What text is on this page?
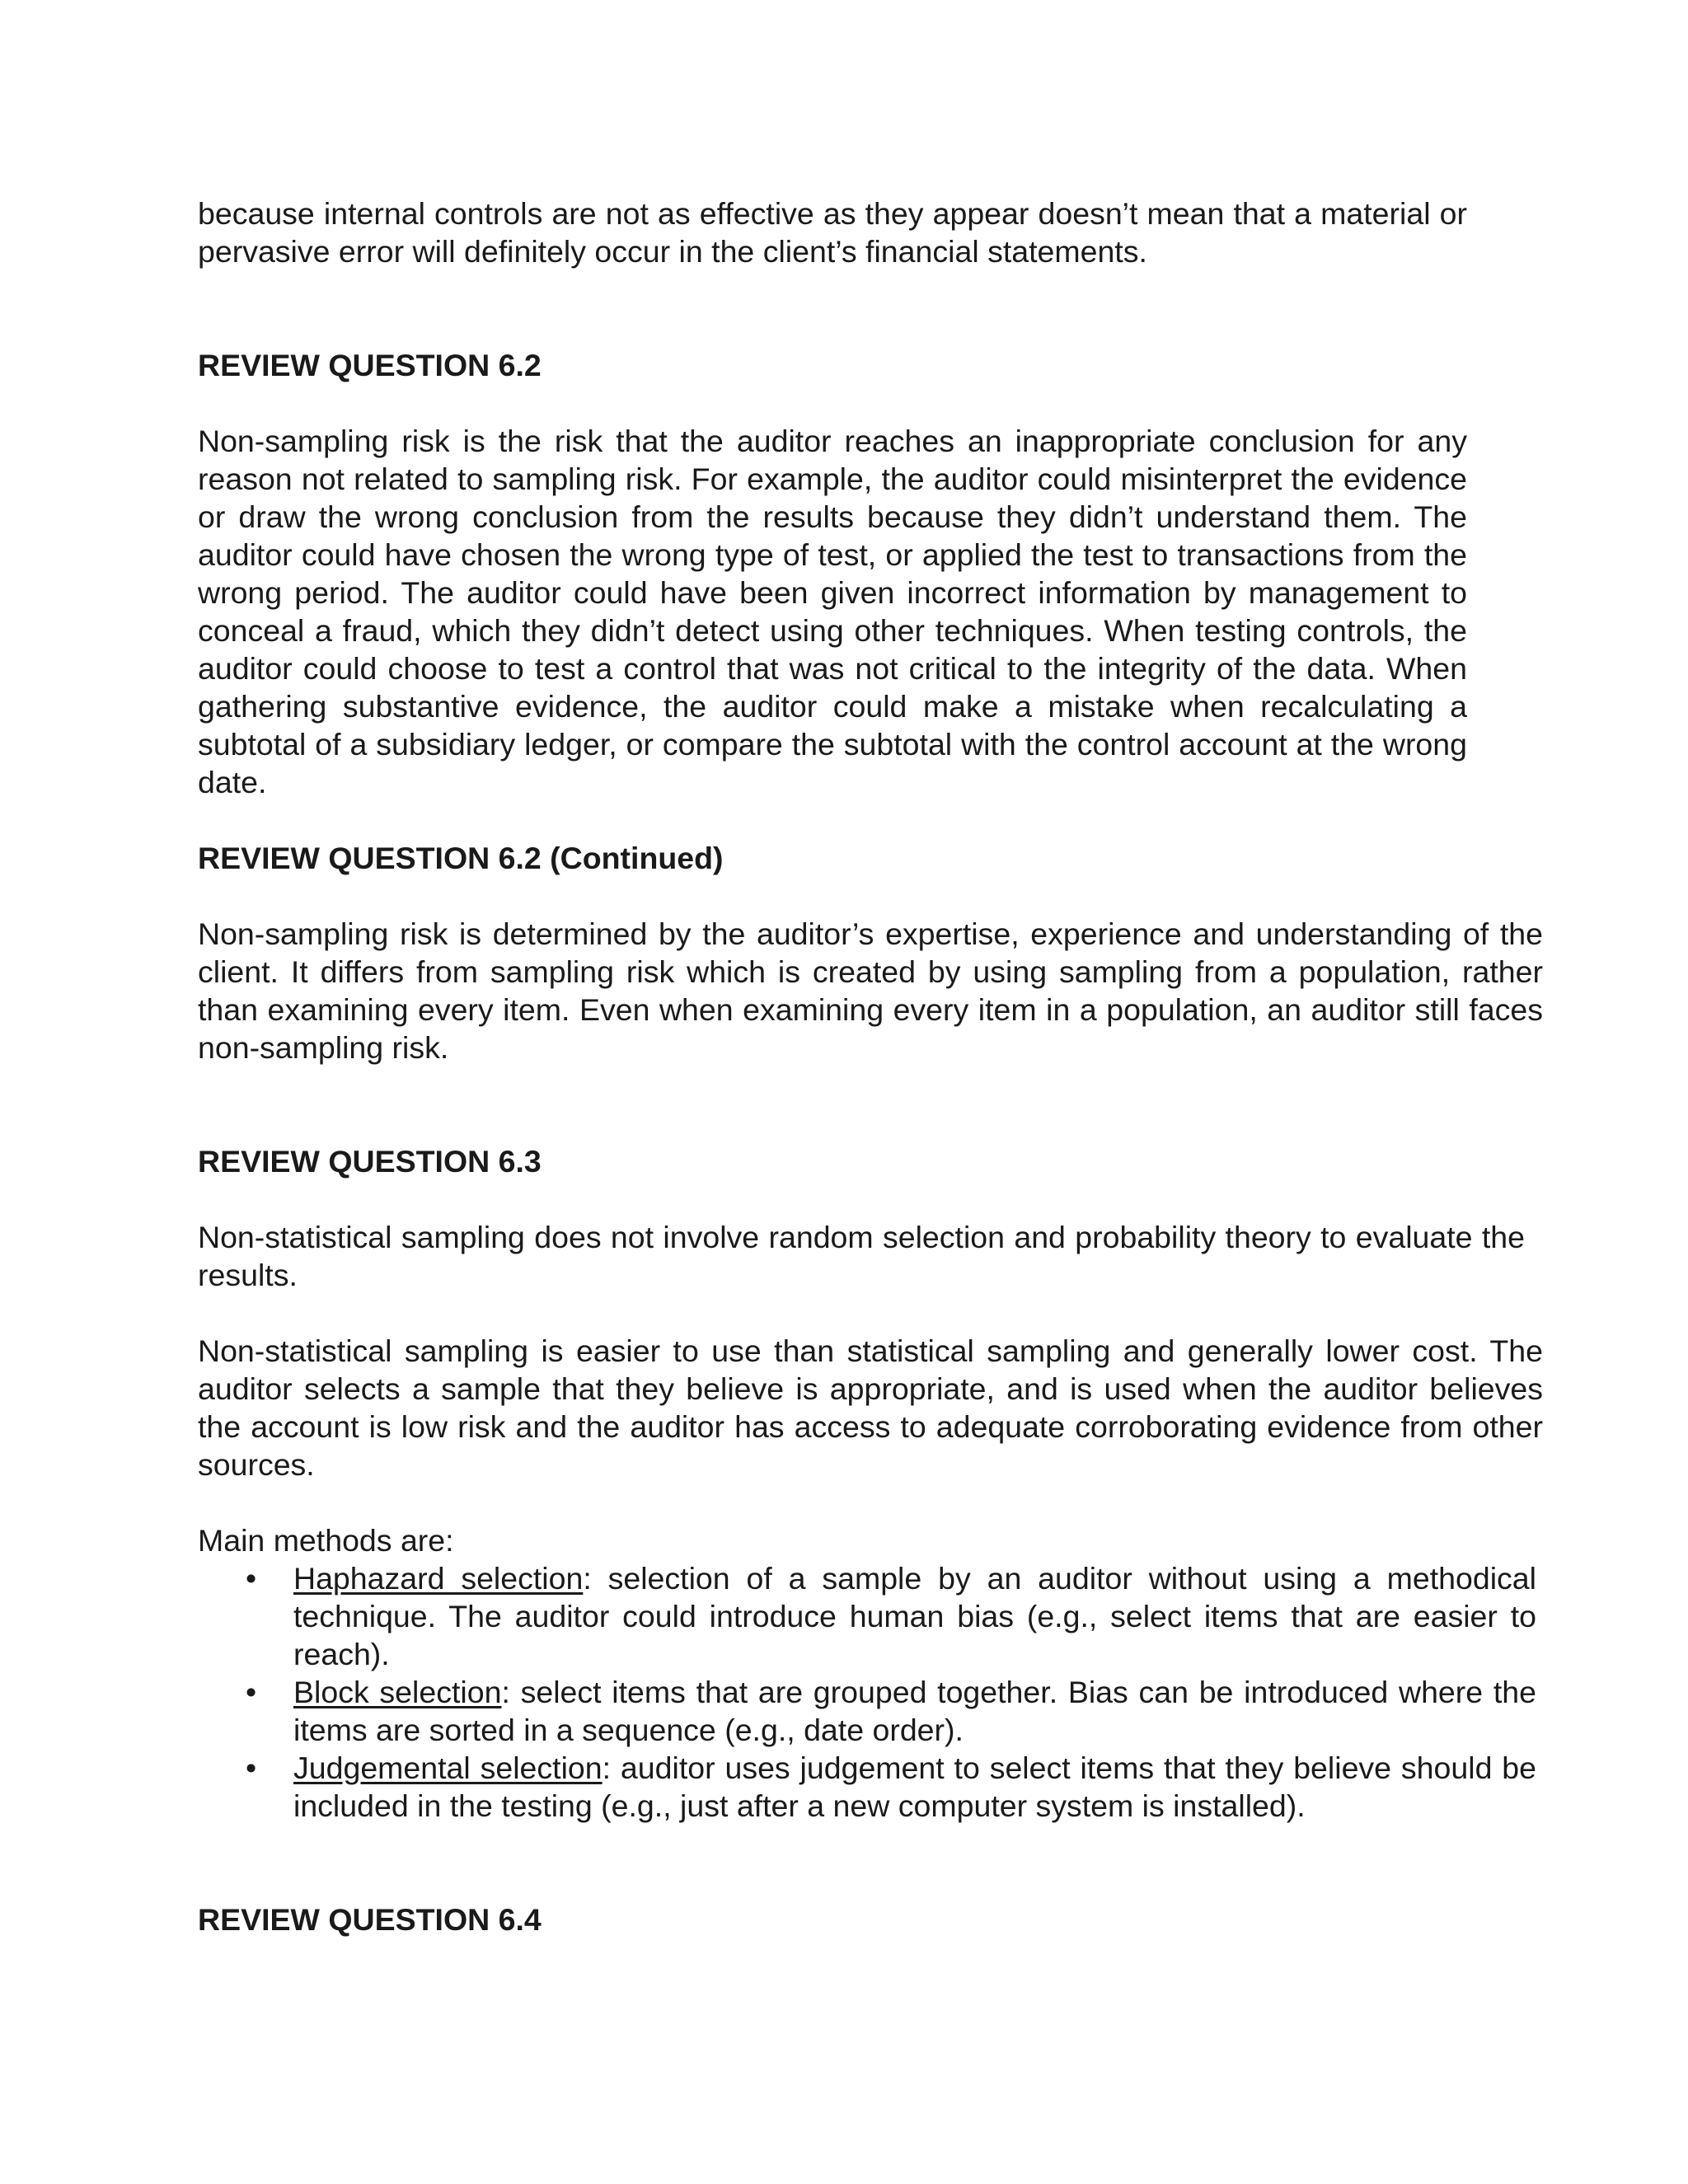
because internal controls are not as effective as they appear doesn’t mean that a material or pervasive error will definitely occur in the client’s financial statements.

REVIEW QUESTION 6.2

Non-sampling risk is the risk that the auditor reaches an inappropriate conclusion for any reason not related to sampling risk. For example, the auditor could misinterpret the evidence or draw the wrong conclusion from the results because they didn’t understand them. The auditor could have chosen the wrong type of test, or applied the test to transactions from the wrong period. The auditor could have been given incorrect information by management to conceal a fraud, which they didn’t detect using other techniques. When testing controls, the auditor could choose to test a control that was not critical to the integrity of the data. When gathering substantive evidence, the auditor could make a mistake when recalculating a subtotal of a subsidiary ledger, or compare the subtotal with the control account at the wrong date.

REVIEW QUESTION 6.2 (Continued)

Non-sampling risk is determined by the auditor’s expertise, experience and understanding of the client. It differs from sampling risk which is created by using sampling from a population, rather than examining every item. Even when examining every item in a population, an auditor still faces non-sampling risk.

REVIEW QUESTION 6.3

Non-statistical sampling does not involve random selection and probability theory to evaluate the results.

Non-statistical sampling is easier to use than statistical sampling and generally lower cost. The auditor selects a sample that they believe is appropriate, and is used when the auditor believes the account is low risk and the auditor has access to adequate corroborating evidence from other sources.

Main methods are:

• Haphazard selection: selection of a sample by an auditor without using a methodical technique. The auditor could introduce human bias (e.g., select items that are easier to reach).
• Block selection: select items that are grouped together. Bias can be introduced where the items are sorted in a sequence (e.g., date order).
• Judgemental selection: auditor uses judgement to select items that they believe should be included in the testing (e.g., just after a new computer system is installed).
REVIEW QUESTION 6.4
